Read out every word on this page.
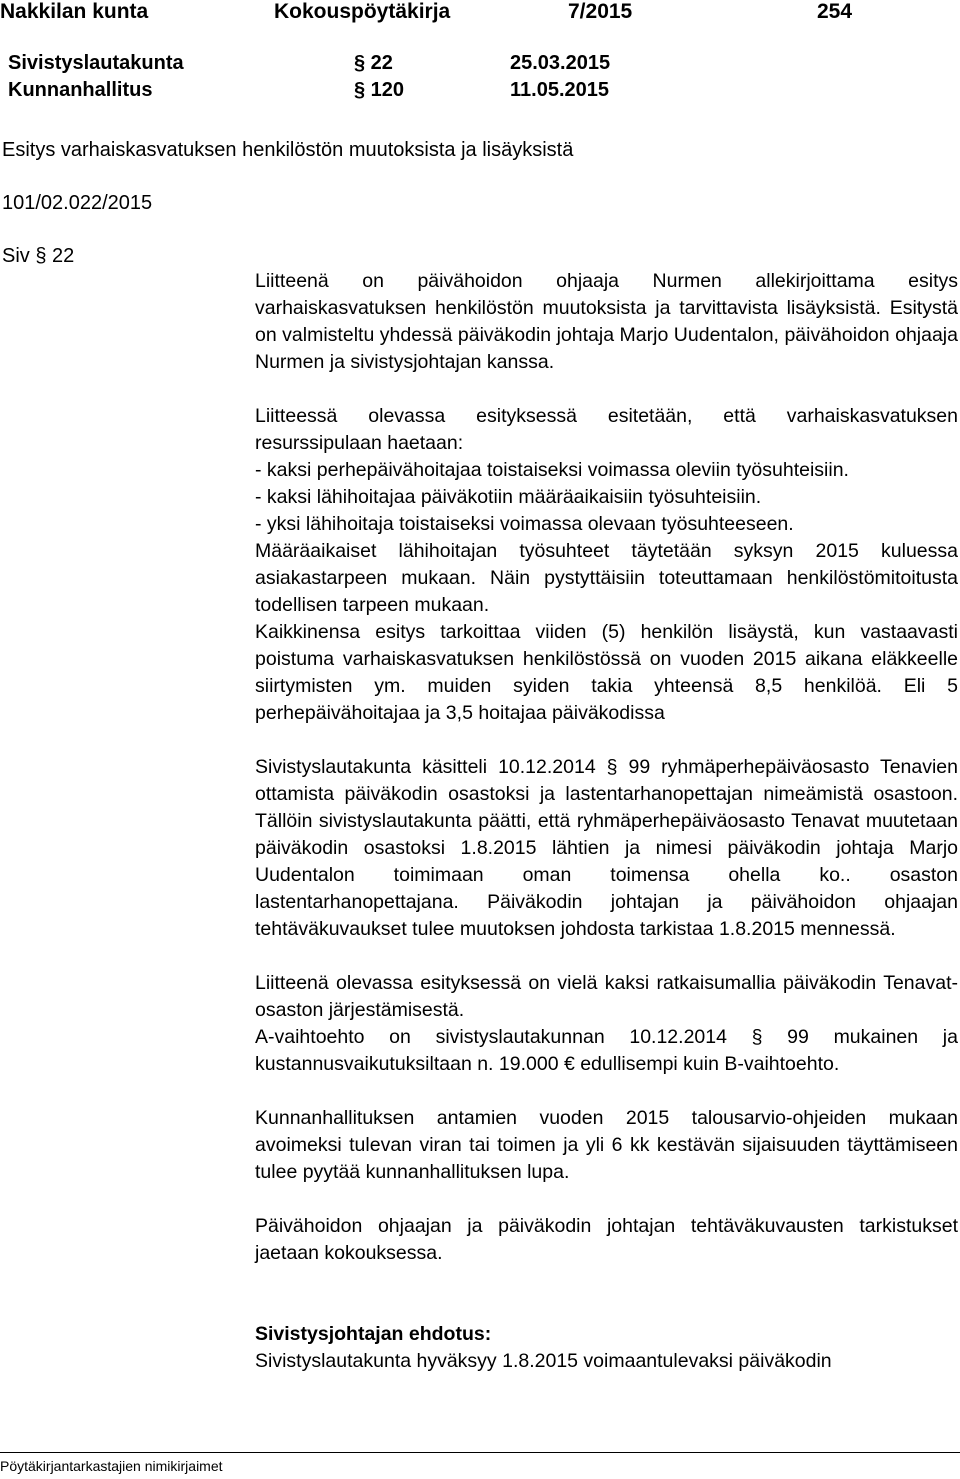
Nakkilan kunta	Kokouspöytäkirja	7/2015	254
Sivistyslautakunta	§ 22	25.03.2015
Kunnanhallitus	§ 120	11.05.2015
Esitys varhaiskasvatuksen henkilöstön muutoksista ja lisäyksistä
101/02.022/2015
Siv § 22

Liitteenä on päivähoidon ohjaaja Nurmen allekirjoittama esitys varhaiskasvatuksen henkilöstön muutoksista ja tarvittavista lisäyksistä. Esitystä on valmisteltu yhdessä päiväkodin johtaja Marjo Uudentalon, päivähoidon ohjaaja Nurmen ja sivistysjohtajan kanssa.

Liitteessä olevassa esityksessä esitetään, että varhaiskasvatuksen resurssipulaan haetaan:

- kaksi perhepäivähoitajaa toistaiseksi voimassa oleviin työsuhteisiin.

- kaksi lähihoitajaa päiväkotiin määräaikaisiin työsuhteisiin.

- yksi lähihoitaja toistaiseksi voimassa olevaan työsuhteeseen.

Määräaikaiset lähihoitajan työsuhteet täytetään syksyn 2015 kuluessa asiakastarpeen mukaan. Näin pystyttäisiin toteuttamaan henkilöstömitoitusta todellisen tarpeen mukaan.

Kaikkinensa esitys tarkoittaa viiden (5) henkilön lisäystä, kun vastaavasti poistuma varhaiskasvatuksen henkilöstössä on vuoden 2015 aikana eläkkeelle siirtymisten ym. muiden syiden takia yhteensä 8,5 henkilöä. Eli 5 perhepäivähoitajaa ja 3,5 hoitajaa päiväkodissa

Sivistyslautakunta käsitteli 10.12.2014 § 99 ryhmäperhepäiväosasto Tenavien ottamista päiväkodin osastoksi ja lastentarhanopettajan nimeämistä osastoon. Tällöin sivistyslautakunta päätti, että ryhmäperhepäiväosasto Tenavat muutetaan päiväkodin osastoksi 1.8.2015 lähtien ja nimesi päiväkodin johtaja Marjo Uudentalon toimimaan oman toimensa ohella ko.. osaston lastentarhanopettajana. Päiväkodin johtajan ja päivähoidon ohjaajan tehtäväkuvaukset tulee muutoksen johdosta tarkistaa 1.8.2015 mennessä.

Liitteenä olevassa esityksessä on vielä kaksi ratkaisumallia päiväkodin Tenavat-osaston järjestämisestä.

A-vaihtoehto on sivistyslautakunnan 10.12.2014 § 99 mukainen ja kustannusvaikutuksiltaan n. 19.000 € edullisempi kuin B-vaihtoehto.

Kunnanhallituksen antamien vuoden 2015 talousarvio-ohjeiden mukaan avoimeksi tulevan viran tai toimen ja yli 6 kk kestävän sijaisuuden täyttämiseen tulee pyytää kunnanhallituksen lupa.

Päivähoidon ohjaajan ja päiväkodin johtajan tehtäväkuvausten tarkistukset jaetaan kokouksessa.

Sivistysjohtajan ehdotus:

Sivistyslautakunta hyväksyy 1.8.2015 voimaantulevaksi päiväkodin

Pöytäkirjantarkastajien nimikirjaimet
